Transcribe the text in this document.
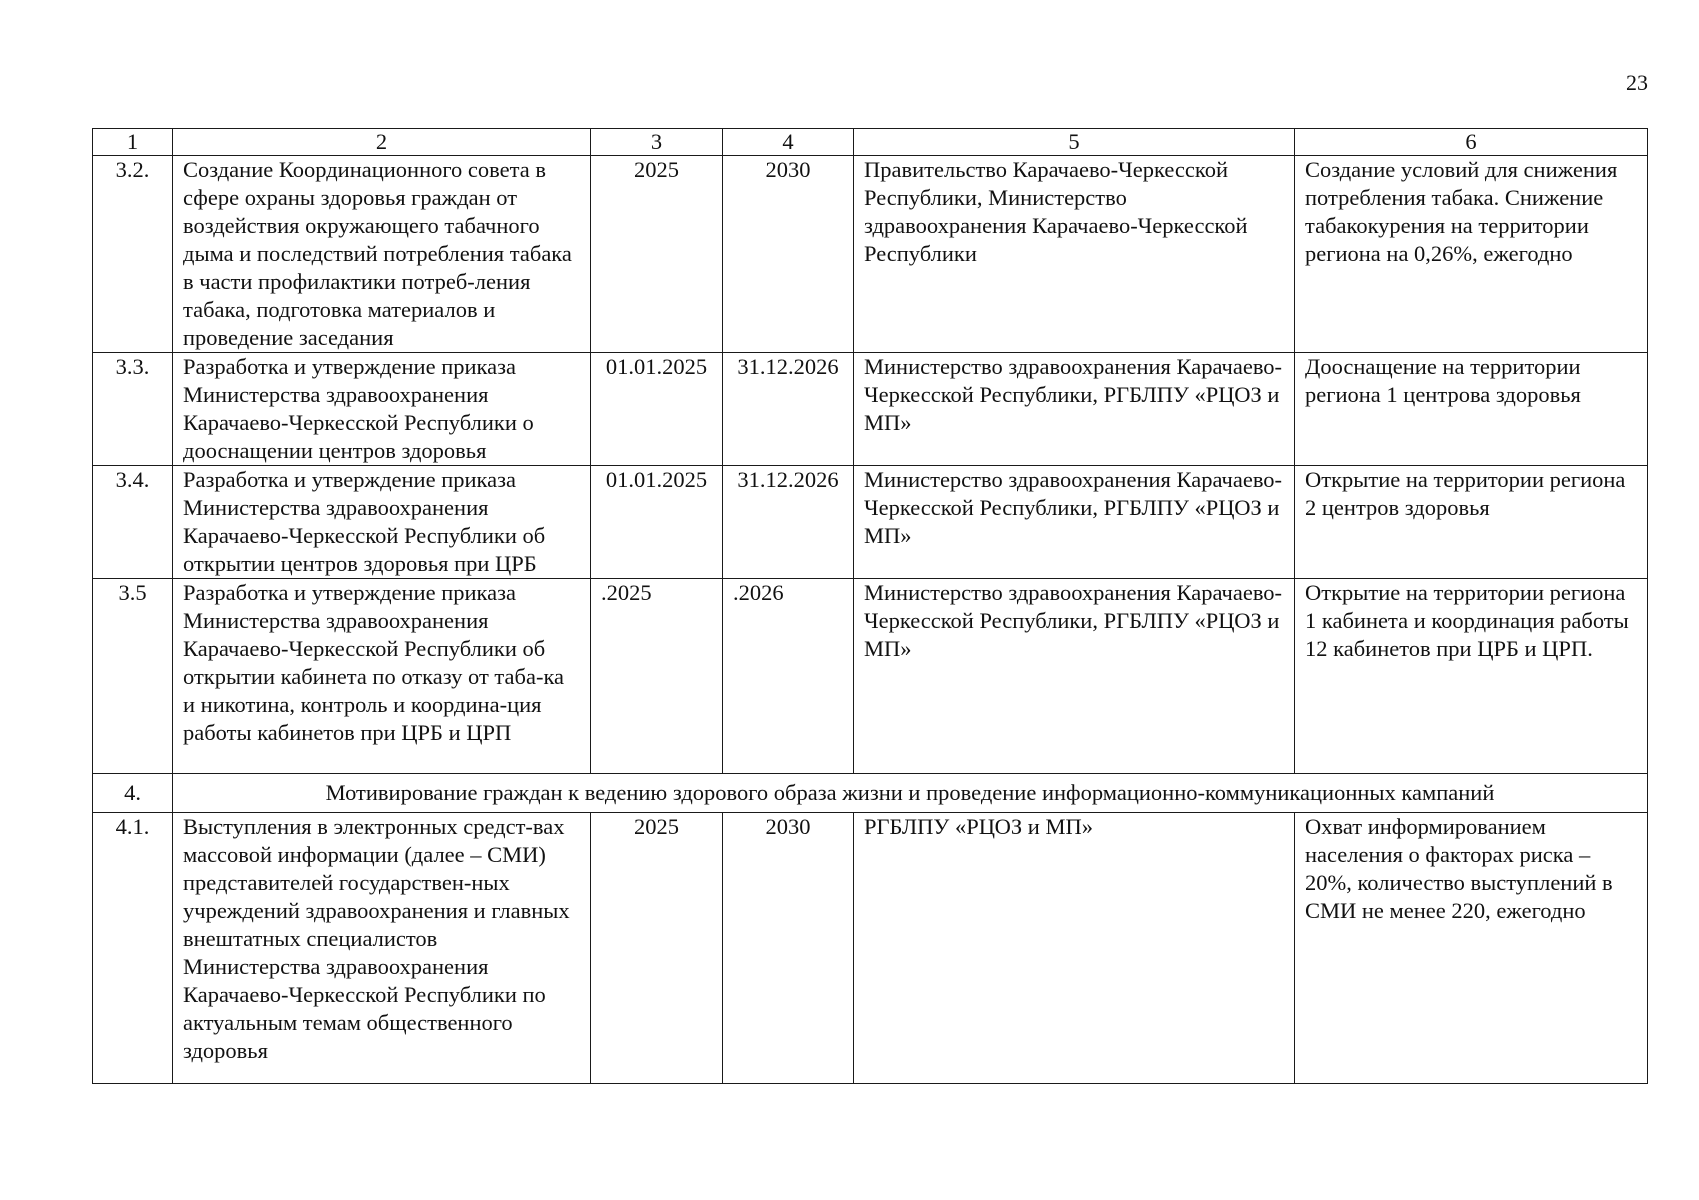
23
1	2	3	4	5	6
3.2.	Создание Координационного совета в сфере охраны здоровья граждан от воздействия окружающего табачного дыма и последствий потребления табака в части профилактики потреб-ления табака, подготовка материалов и проведение заседания	2025	2030	Правительство Карачаево-Черкесской Республики, Министерство здравоохранения Карачаево-Черкесской Республики	Создание условий для снижения потребления табака. Снижение табакокурения на территории региона на 0,26%, ежегодно
3.3.	Разработка и утверждение приказа Министерства здравоохранения Карачаево-Черкесской Республики о дооснащении центров здоровья	01.01.2025	31.12.2026	Министерство здравоохранения Карачаево-Черкесской Республики, РГБЛПУ «РЦОЗ и МП»	Дооснащение на территории региона 1 центрова здоровья
3.4.	Разработка и утверждение приказа Министерства здравоохранения Карачаево-Черкесской Республики об открытии центров здоровья при ЦРБ	01.01.2025	31.12.2026	Министерство здравоохранения Карачаево-Черкесской Республики, РГБЛПУ «РЦОЗ и МП»	Открытие на территории региона 2 центров здоровья
3.5	Разработка и утверждение приказа Министерства здравоохранения Карачаево-Черкесской Республики об открытии кабинета по отказу от таба-ка и никотина, контроль и координа-ция работы кабинетов при ЦРБ и ЦРП	.2025	.2026	Министерство здравоохранения Карачаево-Черкесской Республики, РГБЛПУ «РЦОЗ и МП»	Открытие на территории региона 1 кабинета и координация работы 12 кабинетов при ЦРБ и ЦРП.
4.	Мотивирование граждан к ведению здорового образа жизни и проведение информационно-коммуникационных кампаний				
4.1.	Выступления в электронных средст-вах массовой информации (далее – СМИ) представителей государствен-ных учреждений здравоохранения и главных внештатных специалистов Министерства здравоохранения Карачаево-Черкесской Республики по актуальным темам общественного здоровья	2025	2030	РГБЛПУ «РЦОЗ и МП»	Охват информированием населения о факторах риска – 20%, количество выступлений в СМИ не менее 220, ежегодно
